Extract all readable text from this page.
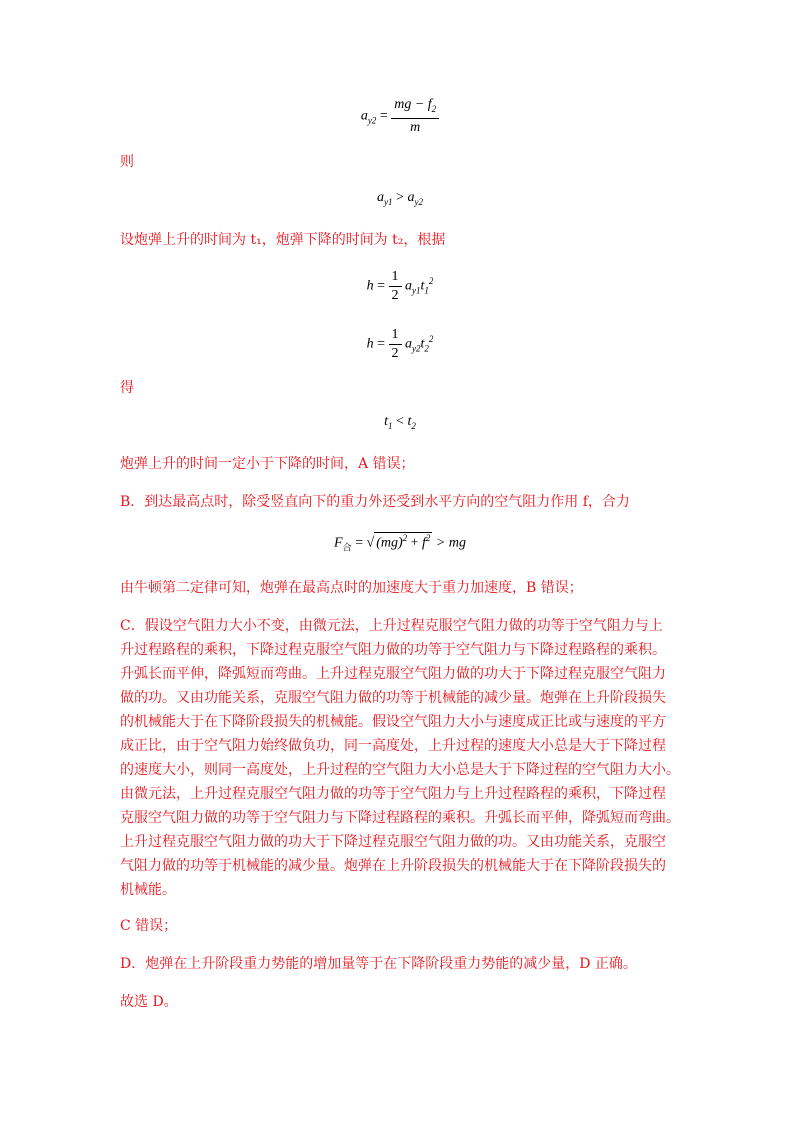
$a_{y2} = \frac{mg - f_2}{m}$
则
$a_{y1} > a_{y2}$
设炮弹上升的时间为 t₁，炮弹下降的时间为 t₂，根据
$h = \frac{1}{2} a_{y1}t_1^2$
$h = \frac{1}{2} a_{y2}t_2^2$
得
$t_1 < t_2$
炮弹上升的时间一定小于下降的时间，A 错误；
B．到达最高点时，除受竖直向下的重力外还受到水平方向的空气阻力作用 f，合力
$F_合$ = √ $(mg)^2 + f^2$ > mg
由牛顿第二定律可知，炮弹在最高点时的加速度大于重力加速度，B 错误；
C．假设空气阻力大小不变，由微元法，上升过程克服空气阻力做的功等于空气阻力与上
升过程路程的乘积，下降过程克服空气阻力做的功等于空气阻力与下降过程路程的乘积。
升弧长而平伸，降弧短而弯曲。上升过程克服空气阻力做的功大于下降过程克服空气阻力
做的功。又由功能关系，克服空气阻力做的功等于机械能的减少量。炮弹在上升阶段损失
的机械能大于在下降阶段损失的机械能。假设空气阻力大小与速度成正比或与速度的平方
成正比，由于空气阻力始终做负功，同一高度处，上升过程的速度大小总是大于下降过程
的速度大小，则同一高度处，上升过程的空气阻力大小总是大于下降过程的空气阻力大小。
由微元法，上升过程克服空气阻力做的功等于空气阻力与上升过程路程的乘积，下降过程
克服空气阻力做的功等于空气阻力与下降过程路程的乘积。升弧长而平伸，降弧短而弯曲。
上升过程克服空气阻力做的功大于下降过程克服空气阻力做的功。又由功能关系，克服空
气阻力做的功等于机械能的减少量。炮弹在上升阶段损失的机械能大于在下降阶段损失的
机械能。
C 错误；
D．炮弹在上升阶段重力势能的增加量等于在下降阶段重力势能的减少量，D 正确。
故选 D。
